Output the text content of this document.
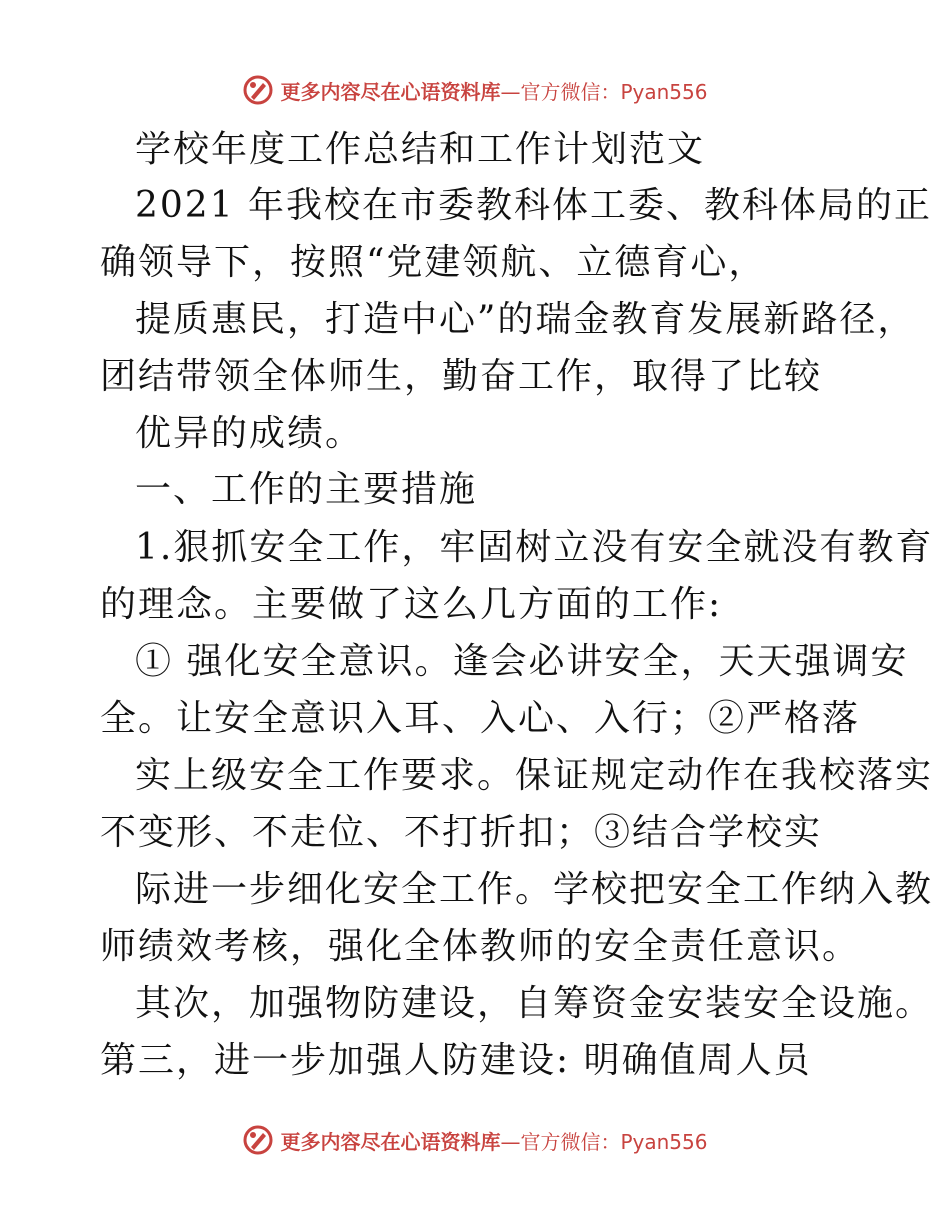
更多内容尽在心语资料库—官方微信：Pyan556
学校年度工作总结和工作计划范文
2021 年我校在市委教科体工委、教科体局的正
确领导下，按照“党建领航、立德育心，
提质惠民，打造中心”的瑞金教育发展新路径，
团结带领全体师生，勤奋工作，取得了比较
优异的成绩。
一、工作的主要措施
1.狠抓安全工作，牢固树立没有安全就没有教育
的理念。主要做了这么几方面的工作:
① 强化安全意识。逢会必讲安全，天天强调安
全。让安全意识入耳、入心、入行；②严格落
实上级安全工作要求。保证规定动作在我校落实
不变形、不走位、不打折扣；③结合学校实
际进一步细化安全工作。学校把安全工作纳入教
师绩效考核，强化全体教师的安全责任意识。
其次，加强物防建设，自筹资金安装安全设施。
第三，进一步加强人防建设: 明确值周人员
更多内容尽在心语资料库—官方微信：Pyan556
